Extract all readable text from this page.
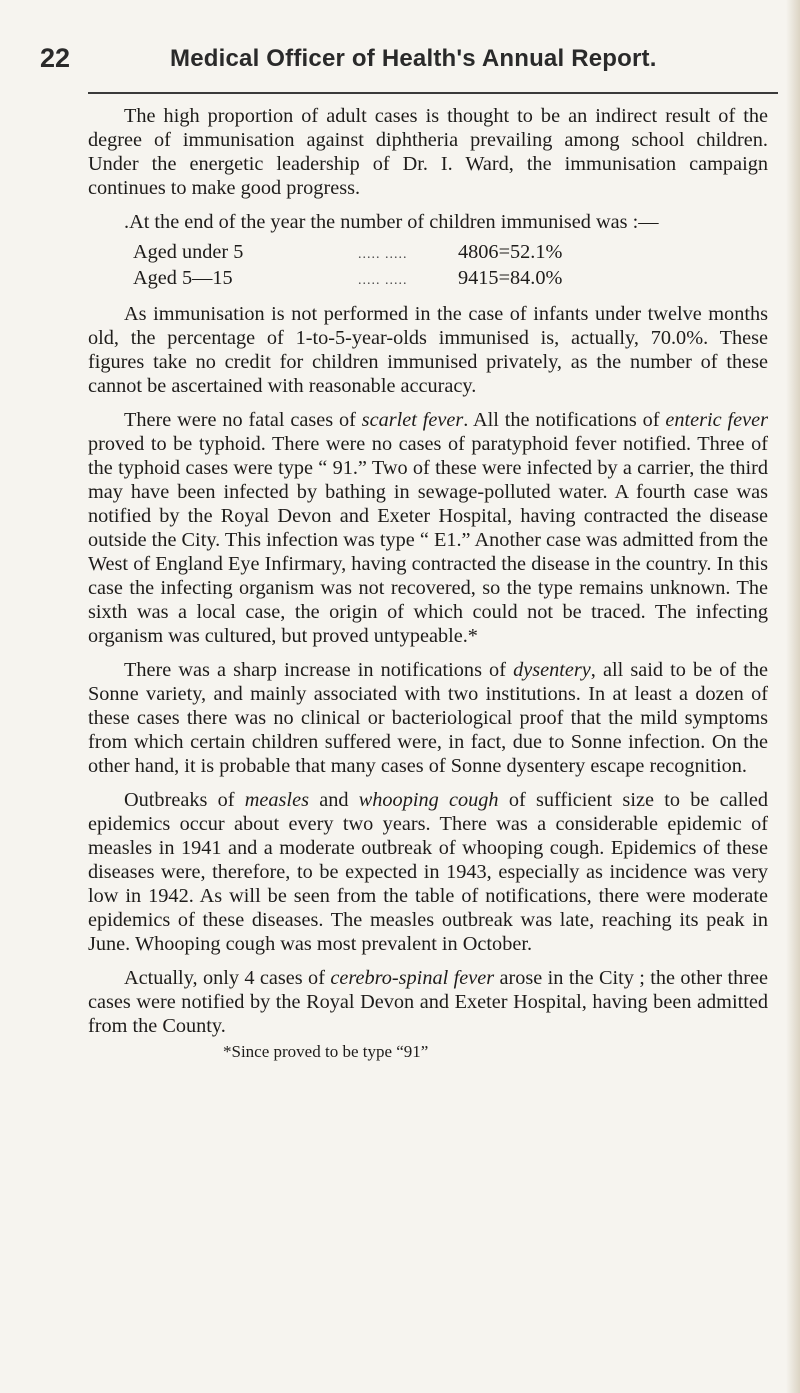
22	Medical Officer of Health's Annual Report.

The high proportion of adult cases is thought to be an indirect result of the degree of immunisation against diphtheria prevailing among school children. Under the energetic leadership of Dr. I. Ward, the immunisation campaign continues to make good progress.

.At the end of the year the number of children immunised was :—

Aged under 5	..... .....	4806=52.1%
Aged 5—15	..... .....	9415=84.0%

As immunisation is not performed in the case of infants under twelve months old, the percentage of 1-to-5-year-olds immunised is, actually, 70.0%. These figures take no credit for children immunised privately, as the number of these cannot be ascertained with reasonable accuracy.

There were no fatal cases of scarlet fever. All the notifications of enteric fever proved to be typhoid. There were no cases of paratyphoid fever notified. Three of the typhoid cases were type “ 91.” Two of these were infected by a carrier, the third may have been infected by bathing in sewage-polluted water. A fourth case was notified by the Royal Devon and Exeter Hospital, having contracted the disease outside the City. This infection was type “ E1.” Another case was admitted from the West of England Eye Infirmary, having contracted the disease in the country. In this case the infecting organism was not recovered, so the type remains unknown. The sixth was a local case, the origin of which could not be traced. The infecting organism was cultured, but proved untypeable.*

There was a sharp increase in notifications of dysentery, all said to be of the Sonne variety, and mainly associated with two institutions. In at least a dozen of these cases there was no clinical or bacteriological proof that the mild symptoms from which certain children suffered were, in fact, due to Sonne infection. On the other hand, it is probable that many cases of Sonne dysentery escape recognition.

Outbreaks of measles and whooping cough of sufficient size to be called epidemics occur about every two years. There was a considerable epidemic of measles in 1941 and a moderate outbreak of whooping cough. Epidemics of these diseases were, therefore, to be expected in 1943, especially as incidence was very low in 1942. As will be seen from the table of notifications, there were moderate epidemics of these diseases. The measles outbreak was late, reaching its peak in June. Whooping cough was most prevalent in October.

Actually, only 4 cases of cerebro-spinal fever arose in the City ; the other three cases were notified by the Royal Devon and Exeter Hospital, having been admitted from the County.

*Since proved to be type “91”
